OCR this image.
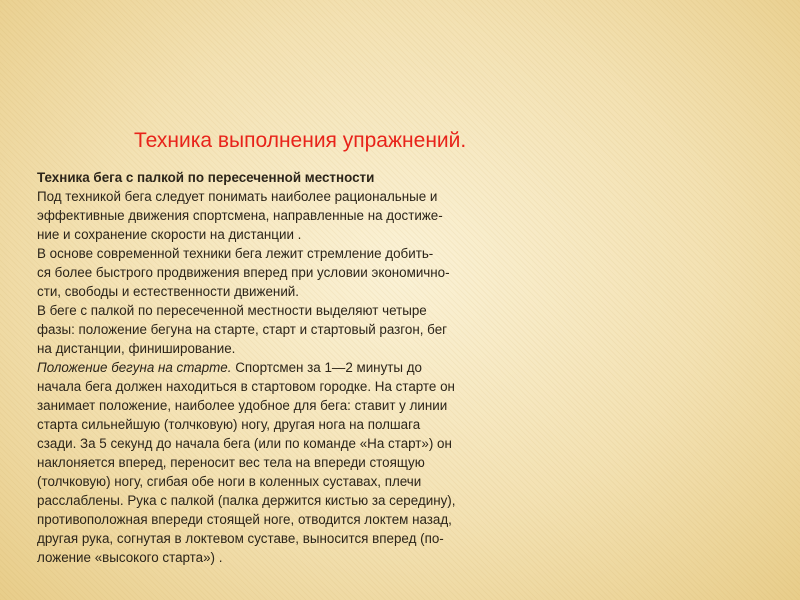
Техника выполнения упражнений.
Техника бега с палкой по пересеченной местности
Под техникой бега следует понимать наиболее рациональные и
эффективные движения спортсмена, направленные на достиже-
ние и сохранение скорости на дистанции .
В основе современной техники бега лежит стремление добить-
ся более быстрого продвижения вперед при условии экономично-
сти, свободы и естественности движений.
В беге с палкой по пересеченной местности выделяют четыре
фазы: положение бегуна на старте, старт и стартовый разгон, бег
на дистанции, финиширование.
Положение бегуна на старте. Спортсмен за 1—2 минуты до
начала бега должен находиться в стартовом городке. На старте он
занимает положение, наиболее удобное для бега: ставит у линии
старта сильнейшую (толчковую) ногу, другая нога на полшага
сзади. За 5 секунд до начала бега (или по команде «На старт») он
наклоняется вперед, переносит вес тела на впереди стоящую
(толчковую) ногу, сгибая обе ноги в коленных суставах, плечи
расслаблены. Рука с палкой (палка держится кистью за середину),
противоположная впереди стоящей ноге, отводится локтем назад,
другая рука, согнутая в локтевом суставе, выносится вперед (по-
ложение «высокого старта») .
